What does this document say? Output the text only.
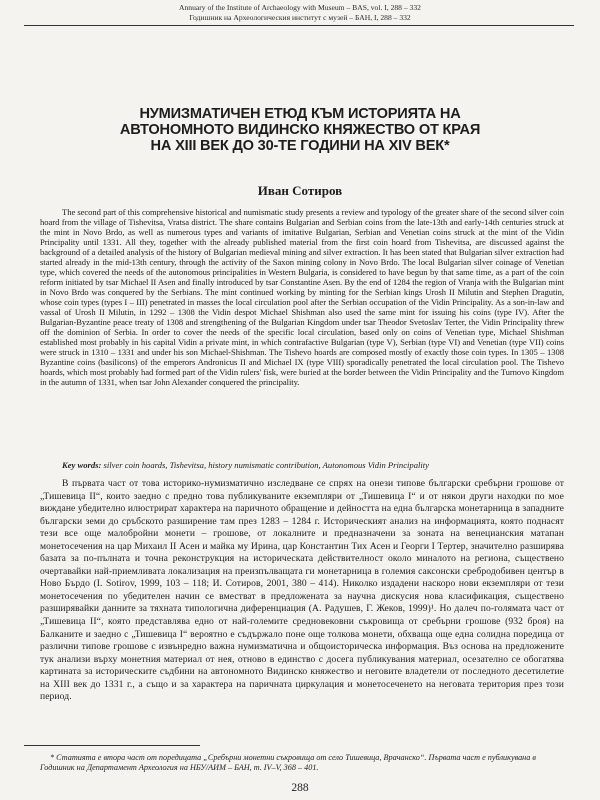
Annuary of the Institute of Archaeology with Museum – BAS, vol. I, 288 – 332
Годишник на Археологическия институт с музей – БАН, I, 288 – 332
НУМИЗМАТИЧЕН ЕТЮД КЪМ ИСТОРИЯТА НА
АВТОНОМНОТО ВИДИНСКО КНЯЖЕСТВО ОТ КРАЯ
НА XIII ВЕК ДО 30-ТЕ ГОДИНИ НА XIV ВЕК*
Иван Сотиров
The second part of this comprehensive historical and numismatic study presents a review and typology of the greater share of the second silver coin hoard from the village of Tishevitsa, Vratsa district. The share contains Bulgarian and Serbian coins from the late-13th and early-14th centuries struck at the mint in Novo Brdo, as well as numerous types and variants of imitative Bulgarian, Serbian and Venetian coins struck at the mint of the Vidin Principality until 1331. All they, together with the already published material from the first coin hoard from Tishevitsa, are discussed against the background of a detailed analysis of the history of Bulgarian medieval mining and silver extraction. It has been stated that Bulgarian silver extraction had started already in the mid-13th century, through the activity of the Saxon mining colony in Novo Brdo. The local Bulgarian silver coinage of Venetian type, which covered the needs of the autonomous principalities in Western Bulgaria, is considered to have begun by that same time, as a part of the coin reform initiated by tsar Michael II Asen and finally introduced by tsar Constantine Asen. By the end of 1284 the region of Vranja with the Bulgarian mint in Novo Brdo was conquered by the Serbians. The mint continued working by minting for the Serbian kings Urosh II Milutin and Stephen Dragutin, whose coin types (types I – III) penetrated in masses the local circulation pool after the Serbian occupation of the Vidin Principality. As a son-in-law and vassal of Urosh II Milutin, in 1292 – 1308 the Vidin despot Michael Shishman also used the same mint for issuing his coins (type IV). After the Bulgarian-Byzantine peace treaty of 1308 and strengthening of the Bulgarian Kingdom under tsar Theodor Svetoslav Terter, the Vidin Principality threw off the dominion of Serbia. In order to cover the needs of the specific local circulation, based only on coins of Venetian type, Michael Shishman established most probably in his capital Vidin a private mint, in which contrafactive Bulgarian (type V), Serbian (type VI) and Venetian (type VII) coins were struck in 1310 – 1331 and under his son Michael-Shishman. The Tishevo hoards are composed mostly of exactly those coin types. In 1305 – 1308 Byzantine coins (basilicons) of the emperors Andronicus II and Michael IX (type VIII) sporadically penetrated the local circulation pool. The Tishevo hoards, which most probably had formed part of the Vidin rulers' fisk, were buried at the border between the Vidin Principality and the Turnovo Kingdom in the autumn of 1331, when tsar John Alexander conquered the principality.
Key words: silver coin hoards, Tishevitsa, history numismatic contribution, Autonomous Vidin Principality
В първата част от това историко-нумизматично изследване се спрях на онези типове български сребърни грошове от „Тишевица II“, които заедно с предно това публикуваните екземпляри от „Тишевица I“ и от някои други находки по мое виждане убедително илюстрират характера на паричното обращение и дейността на една българска монетарница в западните български земи до сръбското разширение там през 1283 – 1284 г. Историческият анализ на информацията, която поднасят тези все още малобройни монети – грошове, от локалните и предназначени за зоната на венецианския матапан монетосечения на цар Михаил II Асен и майка му Ирина, цар Константин Тих Асен и Георги I Тертер, значително разширява базата за по-пълната и точна реконструкция на историческата действителност около миналото на региона, съществено очертавайки най-приемливата локализация на преизпълващата ги монетарница в големия саксонски сребродобивен център в Ново Бърдо (I. Sotirov, 1999, 103 – 118; И. Сотиров, 2001, 380 – 414). Николко издадени наскоро нови екземпляри от тези монетосечения по убедителен начин се вместват в предложената за научна дискусия нова класификация, съществено разширявайки данните за тяхната типологична диференциация (А. Радушев, Г. Жеков, 1999)¹. Но далеч по-голямата част от „Тишевица II“, която представлява едно от най-големите средновековни съкровища от сребърни грошове (932 броя) на Балканите и заедно с „Тишевица I“ вероятно е съдържало поне още толкова монети, обхваща още една солидна поредица от различни типове грошове с извънредно важна нумизматична и общоисторическа информация. Въз основа на предложените тук анализи върху монетния материал от нея, отново в единство с досега публикувания материал, осезателно се обогатява картината за историческите съдбини на автономното Видинско княжество и неговите владетели от последното десетилетие на XIII век до 1331 г., а също и за характера на паричната циркулация и монетосеченето на неговата територия през този период.
* Статията е втора част от поредицата „Сребърни монетни съкровища от село Тишевица, Врачанско“. Първата част е публикувана в Годишник на Департамент Археология на НБУ/АИМ – БАН, т. IV–V, 368 – 401.
288
